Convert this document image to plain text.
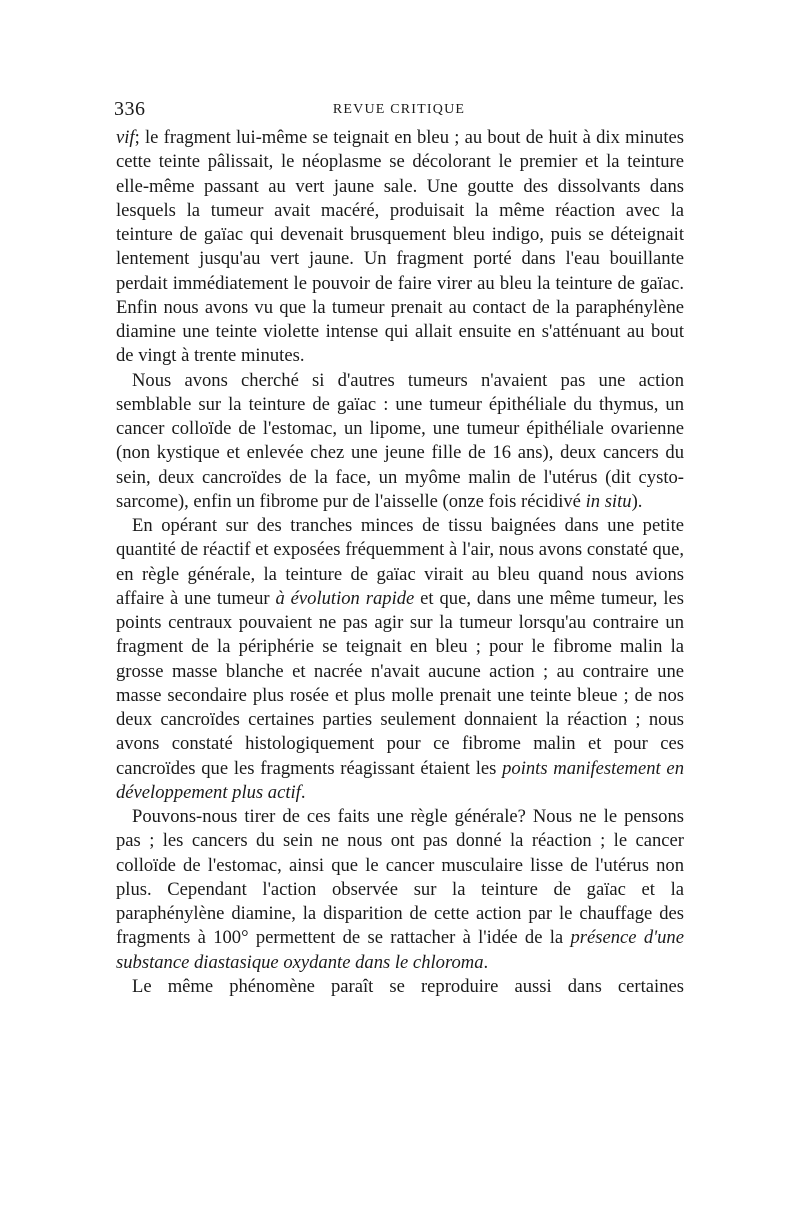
336	REVUE CRITIQUE

vif; le fragment lui-même se teignait en bleu ; au bout de huit à dix minutes cette teinte pâlissait, le néoplasme se décolorant le premier et la teinture elle-même passant au vert jaune sale. Une goutte des dissolvants dans lesquels la tumeur avait macéré, produisait la même réaction avec la teinture de gaïac qui devenait brusquement bleu indigo, puis se déteignait lentement jusqu'au vert jaune. Un fragment porté dans l'eau bouillante perdait immédiatement le pouvoir de faire virer au bleu la teinture de gaïac. Enfin nous avons vu que la tumeur prenait au contact de la paraphénylène diamine une teinte violette intense qui allait ensuite en s'atténuant au bout de vingt à trente minutes.

Nous avons cherché si d'autres tumeurs n'avaient pas une action semblable sur la teinture de gaïac : une tumeur épithéliale du thymus, un cancer colloïde de l'estomac, un lipome, une tumeur épithéliale ovarienne (non kystique et enlevée chez une jeune fille de 16 ans), deux cancers du sein, deux cancroïdes de la face, un myôme malin de l'utérus (dit cysto-sarcome), enfin un fibrome pur de l'aisselle (onze fois récidivé in situ).

En opérant sur des tranches minces de tissu baignées dans une petite quantité de réactif et exposées fréquemment à l'air, nous avons constaté que, en règle générale, la teinture de gaïac virait au bleu quand nous avions affaire à une tumeur à évolution rapide et que, dans une même tumeur, les points centraux pouvaient ne pas agir sur la tumeur lorsqu'au contraire un fragment de la périphérie se teignait en bleu ; pour le fibrome malin la grosse masse blanche et nacrée n'avait aucune action ; au contraire une masse secondaire plus rosée et plus molle prenait une teinte bleue ; de nos deux cancroïdes certaines parties seulement donnaient la réaction ; nous avons constaté histologiquement pour ce fibrome malin et pour ces cancroïdes que les fragments réagissant étaient les points manifestement en développement plus actif.

Pouvons-nous tirer de ces faits une règle générale? Nous ne le pensons pas ; les cancers du sein ne nous ont pas donné la réaction ; le cancer colloïde de l'estomac, ainsi que le cancer musculaire lisse de l'utérus non plus. Cependant l'action observée sur la teinture de gaïac et la paraphénylène diamine, la disparition de cette action par le chauffage des fragments à 100° permettent de se rattacher à l'idée de la présence d'une substance diastasique oxydante dans le chloroma.

Le même phénomène paraît se reproduire aussi dans certaines
